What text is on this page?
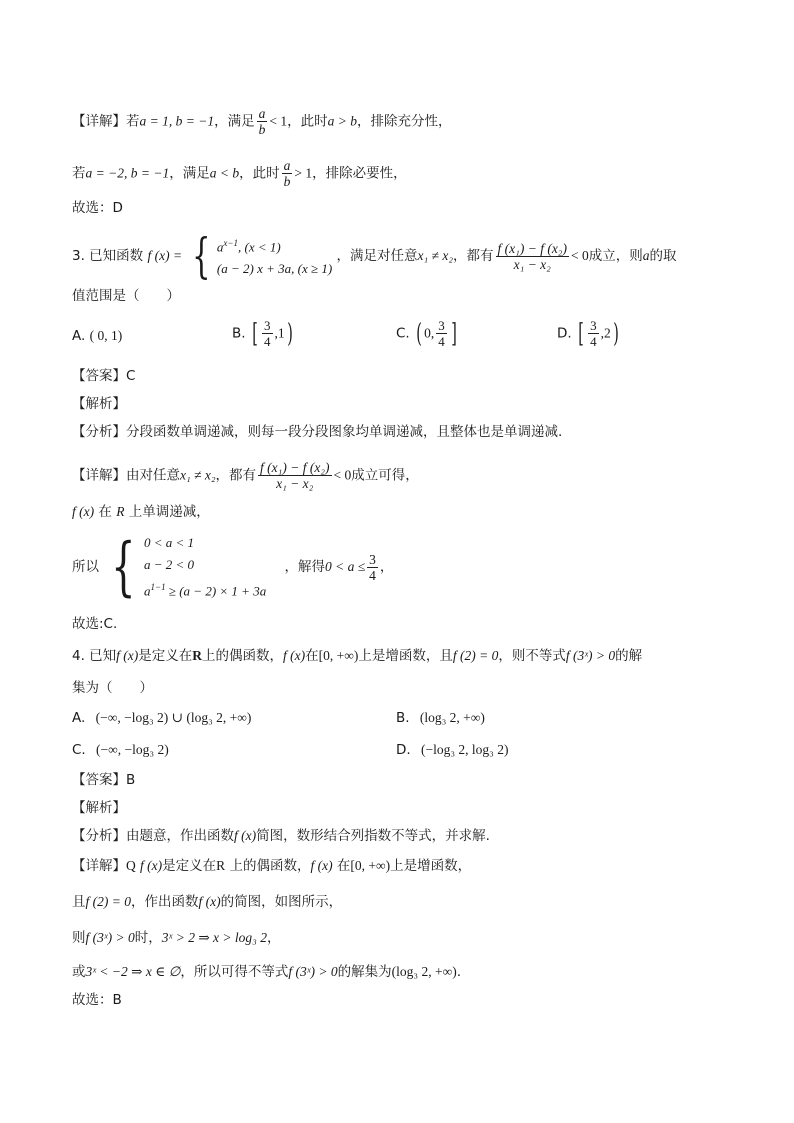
【详解】若a = 1, b = −1，满足 $\frac{a}{b} < 1$，此时a > b，排除充分性，
若a = −2, b = −1，满足a < b，此时 $\frac{a}{b} > 1$，排除必要性，
故选：D
3. 已知函数 f (x) = { $a^{x-1}$, (x < 1)
(a − 2) x + 3a, (x ≥ 1)
，满足对任意x₁ ≠ x₂，都有 $\frac{\text{f (x₁) − f (x₂)}}{\text{x₁ − x₂}} < 0$成立，则a的取
值范围是（　　）
A. ( 0, 1)	B. [ $\frac{3}{4} ,1$)	C. ( 0, $\frac{3}{4}$ ]	D. [ $\frac{3}{4} ,2$)
【答案】C
【解析】
【分析】分段函数单调递减，则每一段分段图象均单调递减，且整体也是单调递减.
【详解】由对任意x₁ ≠ x₂，都有 $\frac{\text{f (x₁) − f (x₂)}}{\text{x₁ − x₂}} < 0$成立可得，
f (x) 在 R 上单调递减，
所以 { 0 < a < 1
a − 2 < 0
$a^{1-1} \ge (a - 2) \times 1 + 3a$
，解得$0 < a \le \frac{3}{4}$ ，
故选:C.
4. 已知f (x)是定义在R上的偶函数，f (x)在[0, +∞)上是增函数，且f (2) = 0，则不等式f (3ˣ) > 0的解
集为（　　）
A. (−∞, −log₃ 2) ∪ (log₃ 2, +∞)	B. (log₃ 2, +∞)
C. (−∞, −log₃ 2)	D. (−log₃ 2, log₃ 2)
【答案】B
【解析】
【分析】由题意，作出函数f (x)简图，数形结合列指数不等式，并求解.
【详解】Q f (x)是定义在R 上的偶函数，f (x) 在[0, +∞)上是增函数，
且f (2) = 0，作出函数f (x)的简图，如图所示，
则f (3ˣ) > 0时，3ˣ > 2 ⇒ x > log₃ 2，
或3ˣ < −2 ⇒ x ∈ ∅，所以可得不等式f (3ˣ) > 0的解集为(log₃ 2, +∞).
故选：B
